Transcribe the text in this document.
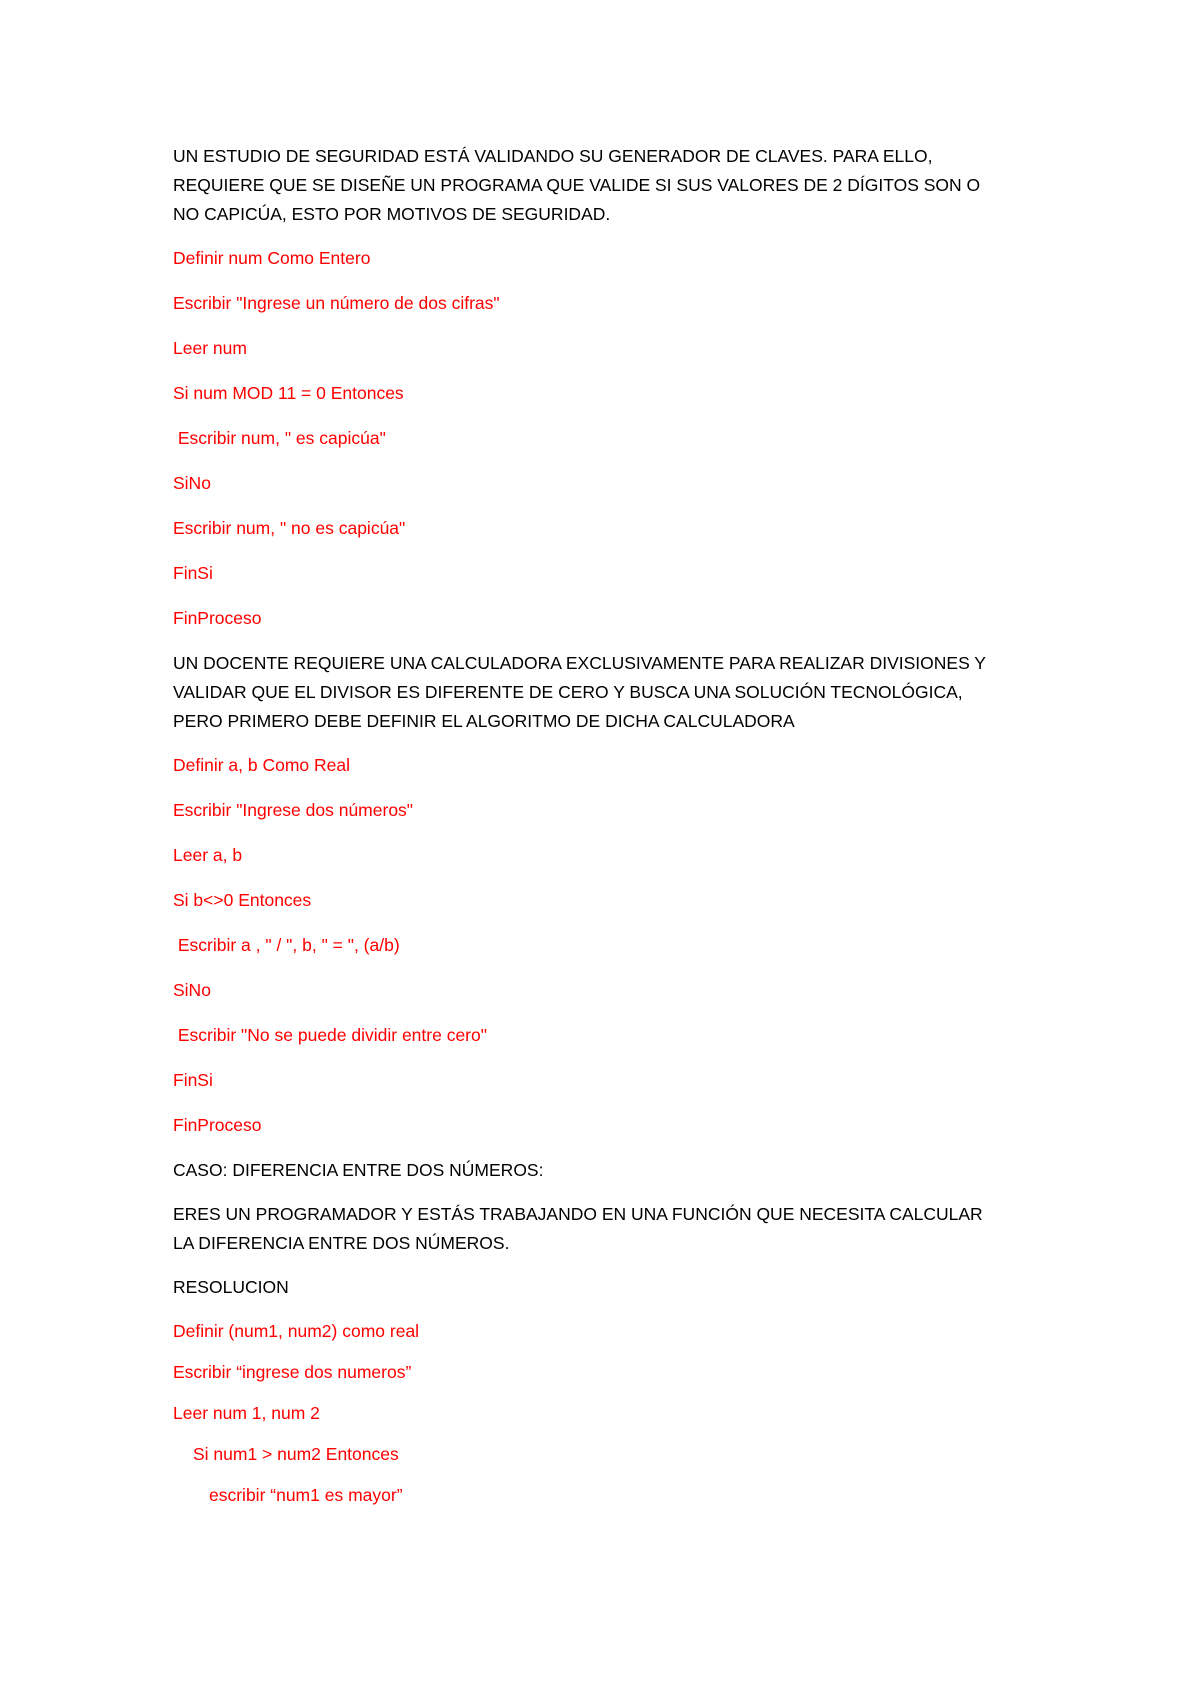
UN ESTUDIO DE SEGURIDAD ESTÁ VALIDANDO SU GENERADOR DE CLAVES. PARA ELLO,
REQUIERE QUE SE DISEÑE UN PROGRAMA QUE VALIDE SI SUS VALORES DE 2 DÍGITOS SON O
NO CAPICÚA, ESTO POR MOTIVOS DE SEGURIDAD.

Definir num Como Entero

Escribir "Ingrese un número de dos cifras"

Leer num

Si num MOD 11 = 0 Entonces

Escribir num, " es capicúa"

SiNo

Escribir num, " no es capicúa"

FinSi

FinProceso

UN DOCENTE REQUIERE UNA CALCULADORA EXCLUSIVAMENTE PARA REALIZAR DIVISIONES Y
VALIDAR QUE EL DIVISOR ES DIFERENTE DE CERO Y BUSCA UNA SOLUCIÓN TECNOLÓGICA,
PERO PRIMERO DEBE DEFINIR EL ALGORITMO DE DICHA CALCULADORA

Definir a, b Como Real

Escribir "Ingrese dos números"

Leer a, b

Si b<>0 Entonces

Escribir a , " / ", b, " = ", (a/b)

SiNo

Escribir "No se puede dividir entre cero"

FinSi

FinProceso

CASO: DIFERENCIA ENTRE DOS NÚMEROS:

ERES UN PROGRAMADOR Y ESTÁS TRABAJANDO EN UNA FUNCIÓN QUE NECESITA CALCULAR
LA DIFERENCIA ENTRE DOS NÚMEROS.

RESOLUCION

Definir (num1, num2) como real

Escribir “ingrese dos numeros”

Leer num 1, num 2

Si num1 > num2 Entonces

escribir “num1 es mayor”
